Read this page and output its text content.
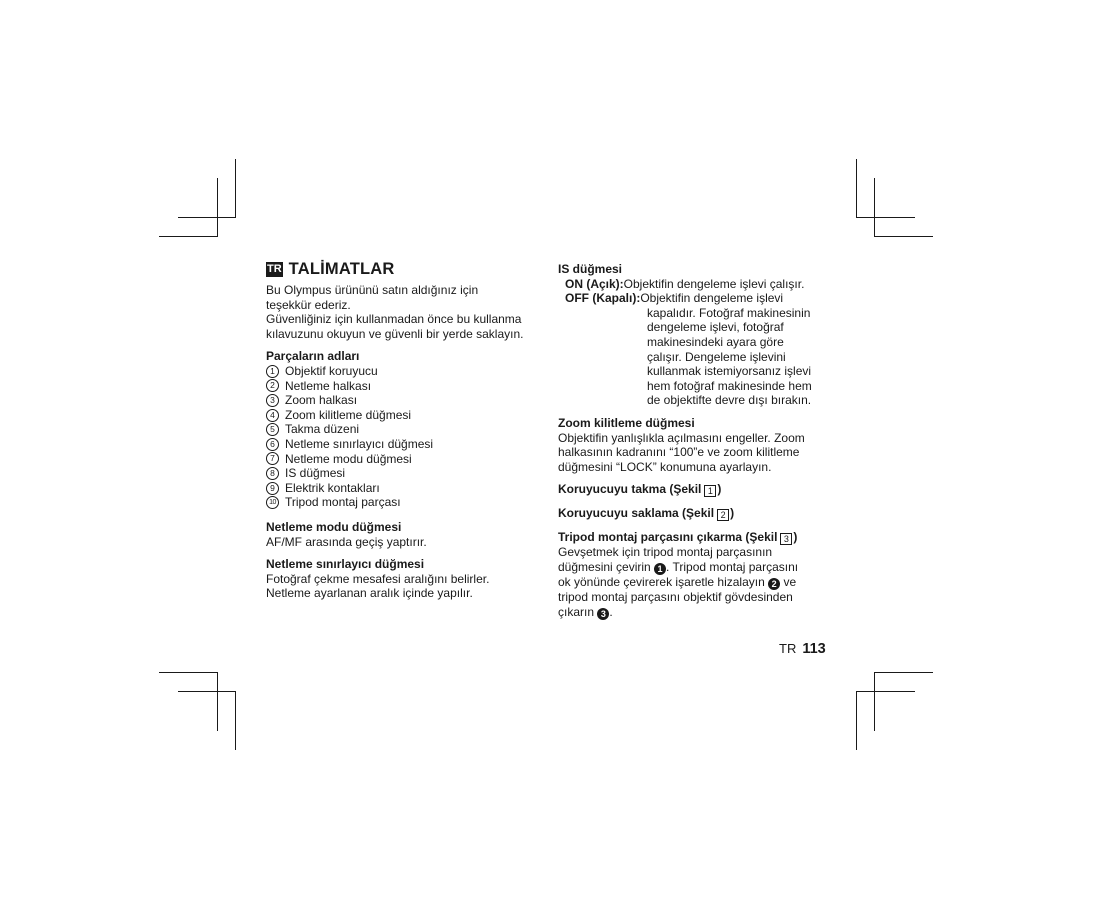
TR TALİMATLAR
Bu Olympus ürününü satın aldığınız için
teşekkür ederiz.
Güvenliğiniz için kullanmadan önce bu kullanma
kılavuzunu okuyun ve güvenli bir yerde saklayın.
Parçaların adları
1 Objektif koruyucu
2 Netleme halkası
3 Zoom halkası
4 Zoom kilitleme düğmesi
5 Takma düzeni
6 Netleme sınırlayıcı düğmesi
7 Netleme modu düğmesi
8 IS düğmesi
9 Elektrik kontakları
10 Tripod montaj parçası
Netleme modu düğmesi
AF/MF arasında geçiş yaptırır.
Netleme sınırlayıcı düğmesi
Fotoğraf çekme mesafesi aralığını belirler.
Netleme ayarlanan aralık içinde yapılır.
IS düğmesi
ON (Açık): Objektifin dengeleme işlevi çalışır.
OFF (Kapalı): Objektifin dengeleme işlevi
kapalıdır. Fotoğraf makinesinin
dengeleme işlevi, fotoğraf
makinesindeki ayara göre
çalışır. Dengeleme işlevini
kullanmak istemiyorsanız işlevi
hem fotoğraf makinesinde hem
de objektifte devre dışı bırakın.
Zoom kilitleme düğmesi
Objektifin yanlışlıkla açılmasını engeller. Zoom
halkasının kadranını “100”e ve zoom kilitleme
düğmesini “LOCK” konumuna ayarlayın.
Koruyucuyu takma (Şekil 1 )
Koruyucuyu saklama (Şekil 2 )
Tripod montaj parçasını çıkarma (Şekil 3 )
Gevşetmek için tripod montaj parçasının
düğmesini çevirin 1 . Tripod montaj parçasını
ok yönünde çevirerek işaretle hizalayın 2 ve
tripod montaj parçasını objektif gövdesinden
çıkarın 3 .
TR 113
